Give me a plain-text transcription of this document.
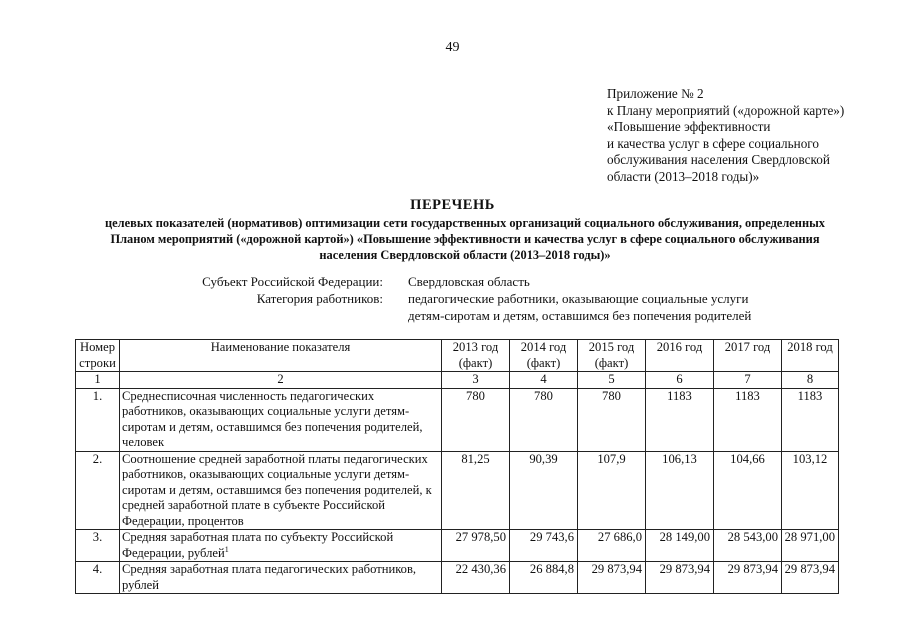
49
Приложение № 2
к Плану мероприятий («дорожной карте»)
«Повышение эффективности
и качества услуг в сфере социального
обслуживания населения Свердловской
области (2013–2018 годы)»
ПЕРЕЧЕНЬ
целевых показателей (нормативов) оптимизации сети государственных организаций социального обслуживания, определенных
Планом мероприятий («дорожной картой») «Повышение эффективности и качества услуг в сфере социального обслуживания
населения Свердловской области (2013–2018 годы)»
Субъект Российской Федерации: Свердловская область
Категория работников: педагогические работники, оказывающие социальные услуги
детям-сиротам и детям, оставшимся без попечения родителей
Номер строки	Наименование показателя	2013 год (факт)	2014 год (факт)	2015 год (факт)	2016 год	2017 год	2018 год
1	2	3	4	5	6	7	8
1.	Среднесписочная численность педагогических работников, оказывающих социальные услуги детям-сиротам и детям, оставшимся без попечения родителей, человек	780	780	780	1183	1183	1183
2.	Соотношение средней заработной платы педагогических работников, оказывающих социальные услуги детям-сиротам и детям, оставшимся без попечения родителей, к средней заработной плате в субъекте Российской Федерации, процентов	81,25	90,39	107,9	106,13	104,66	103,12
3.	Средняя заработная плата по субъекту Российской Федерации, рублей$^1$	27 978,50	29 743,6	27 686,0	28 149,00	28 543,00	28 971,00
4.	Средняя заработная плата педагогических работников, рублей	22 430,36	26 884,8	29 873,94	29 873,94	29 873,94	29 873,94
